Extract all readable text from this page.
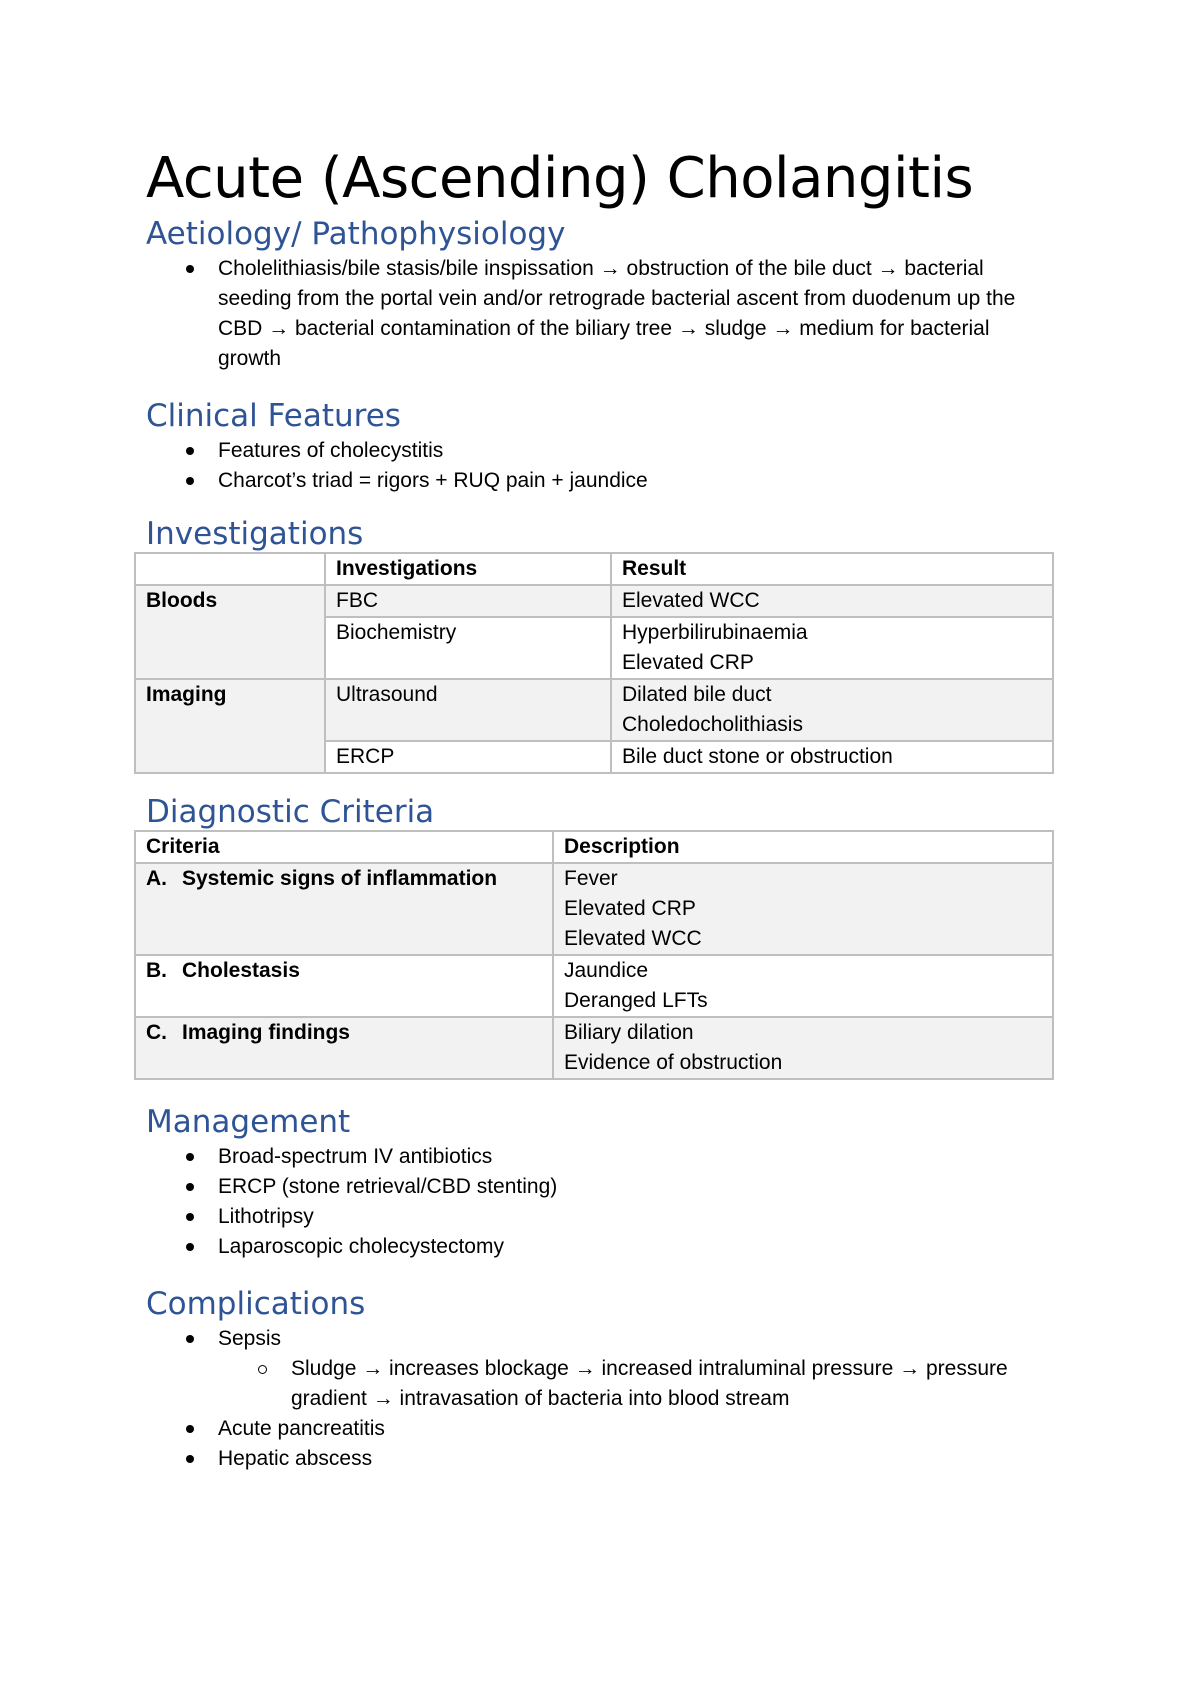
Acute (Ascending) Cholangitis
Aetiology/ Pathophysiology
Cholelithiasis/bile stasis/bile inspissation → obstruction of the bile duct → bacterial seeding from the portal vein and/or retrograde bacterial ascent from duodenum up the CBD → bacterial contamination of the biliary tree → sludge → medium for bacterial growth
Clinical Features
Features of cholecystitis
Charcot’s triad = rigors + RUQ pain + jaundice
Investigations
	Investigations	Result
Bloods	FBC	Elevated WCC
	Biochemistry	Hyperbilirubinaemia
Elevated CRP

Imaging	Ultrasound	Dilated bile duct
Choledocholithiasis

	ERCP	Bile duct stone or obstruction
Diagnostic Criteria
Criteria	Description
A. Systemic signs of inflammation	Fever
Elevated CRP
Elevated WCC

B. Cholestasis	Jaundice
Deranged LFTs

C. Imaging findings	Biliary dilation
Evidence of obstruction
Management
Broad-spectrum IV antibiotics
ERCP (stone retrieval/CBD stenting)
Lithotripsy
Laparoscopic cholecystectomy
Complications
Sepsis
Sludge → increases blockage → increased intraluminal pressure → pressure gradient → intravasation of bacteria into blood stream
Acute pancreatitis
Hepatic abscess
